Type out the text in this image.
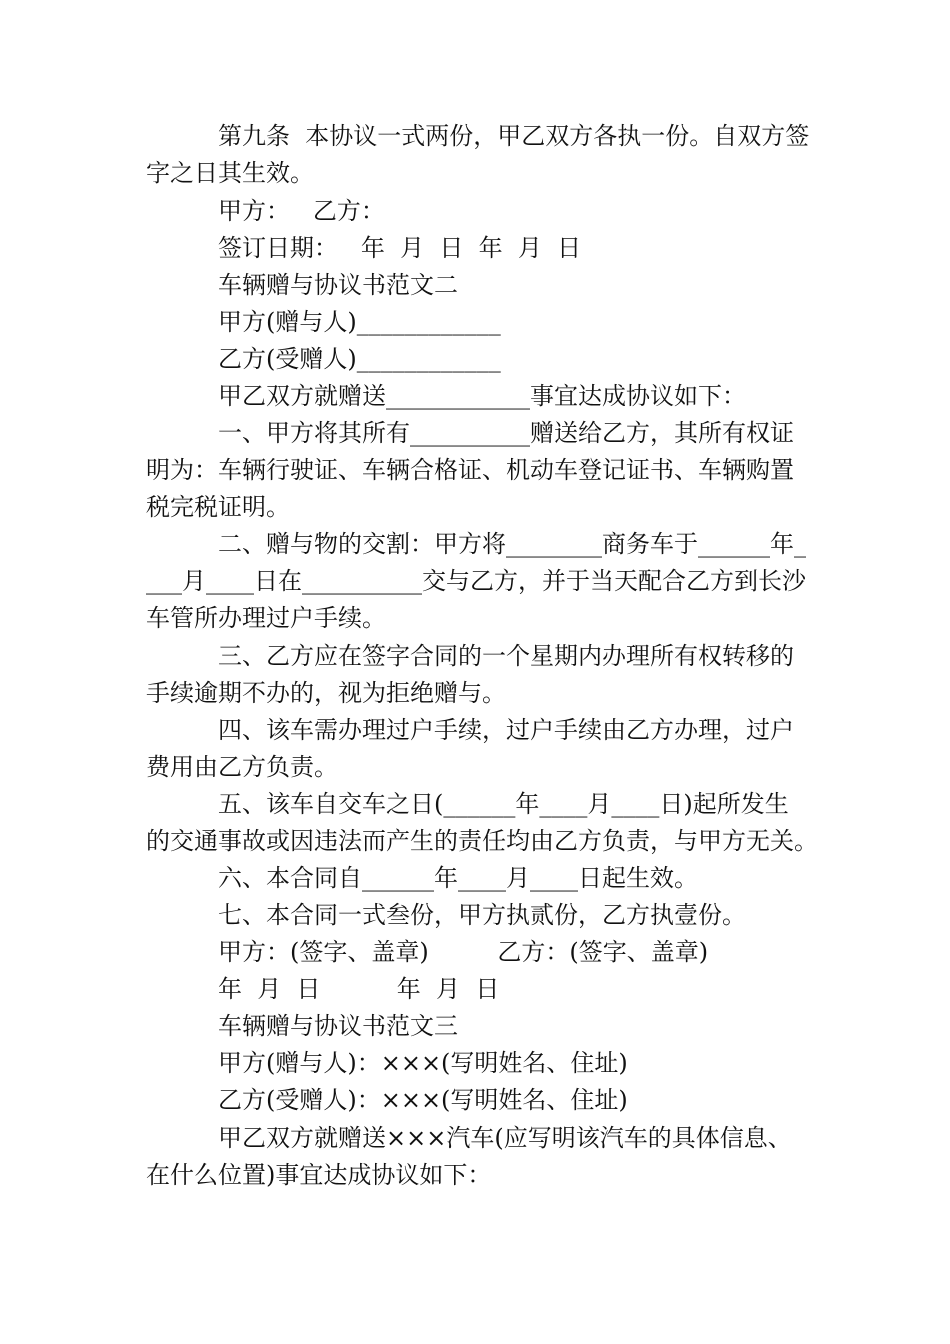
第九条  本协议一式两份，甲乙双方各执一份。自双方签
字之日其生效。
甲方：   乙方：
签订日期：   年  月  日  年  月  日
车辆赠与协议书范文二
甲方(赠与人)____________
乙方(受赠人)____________
甲乙双方就赠送____________事宜达成协议如下：
一、甲方将其所有__________赠送给乙方，其所有权证
明为：车辆行驶证、车辆合格证、机动车登记证书、车辆购置
税完税证明。
二、赠与物的交割：甲方将________商务车于______年_
___月____日在__________交与乙方，并于当天配合乙方到长沙
车管所办理过户手续。
三、乙方应在签字合同的一个星期内办理所有权转移的
手续逾期不办的，视为拒绝赠与。
四、该车需办理过户手续，过户手续由乙方办理，过户
费用由乙方负责。
五、该车自交车之日(______年____月____日)起所发生
的交通事故或因违法而产生的责任均由乙方负责，与甲方无关。
六、本合同自______年____月____日起生效。
七、本合同一式叁份，甲方执贰份，乙方执壹份。
甲方：(签字、盖章)         乙方：(签字、盖章)
年  月  日          年  月  日
车辆赠与协议书范文三
甲方(赠与人)：×××(写明姓名、住址)
乙方(受赠人)：×××(写明姓名、住址)
甲乙双方就赠送×××汽车(应写明该汽车的具体信息、
在什么位置)事宜达成协议如下：
